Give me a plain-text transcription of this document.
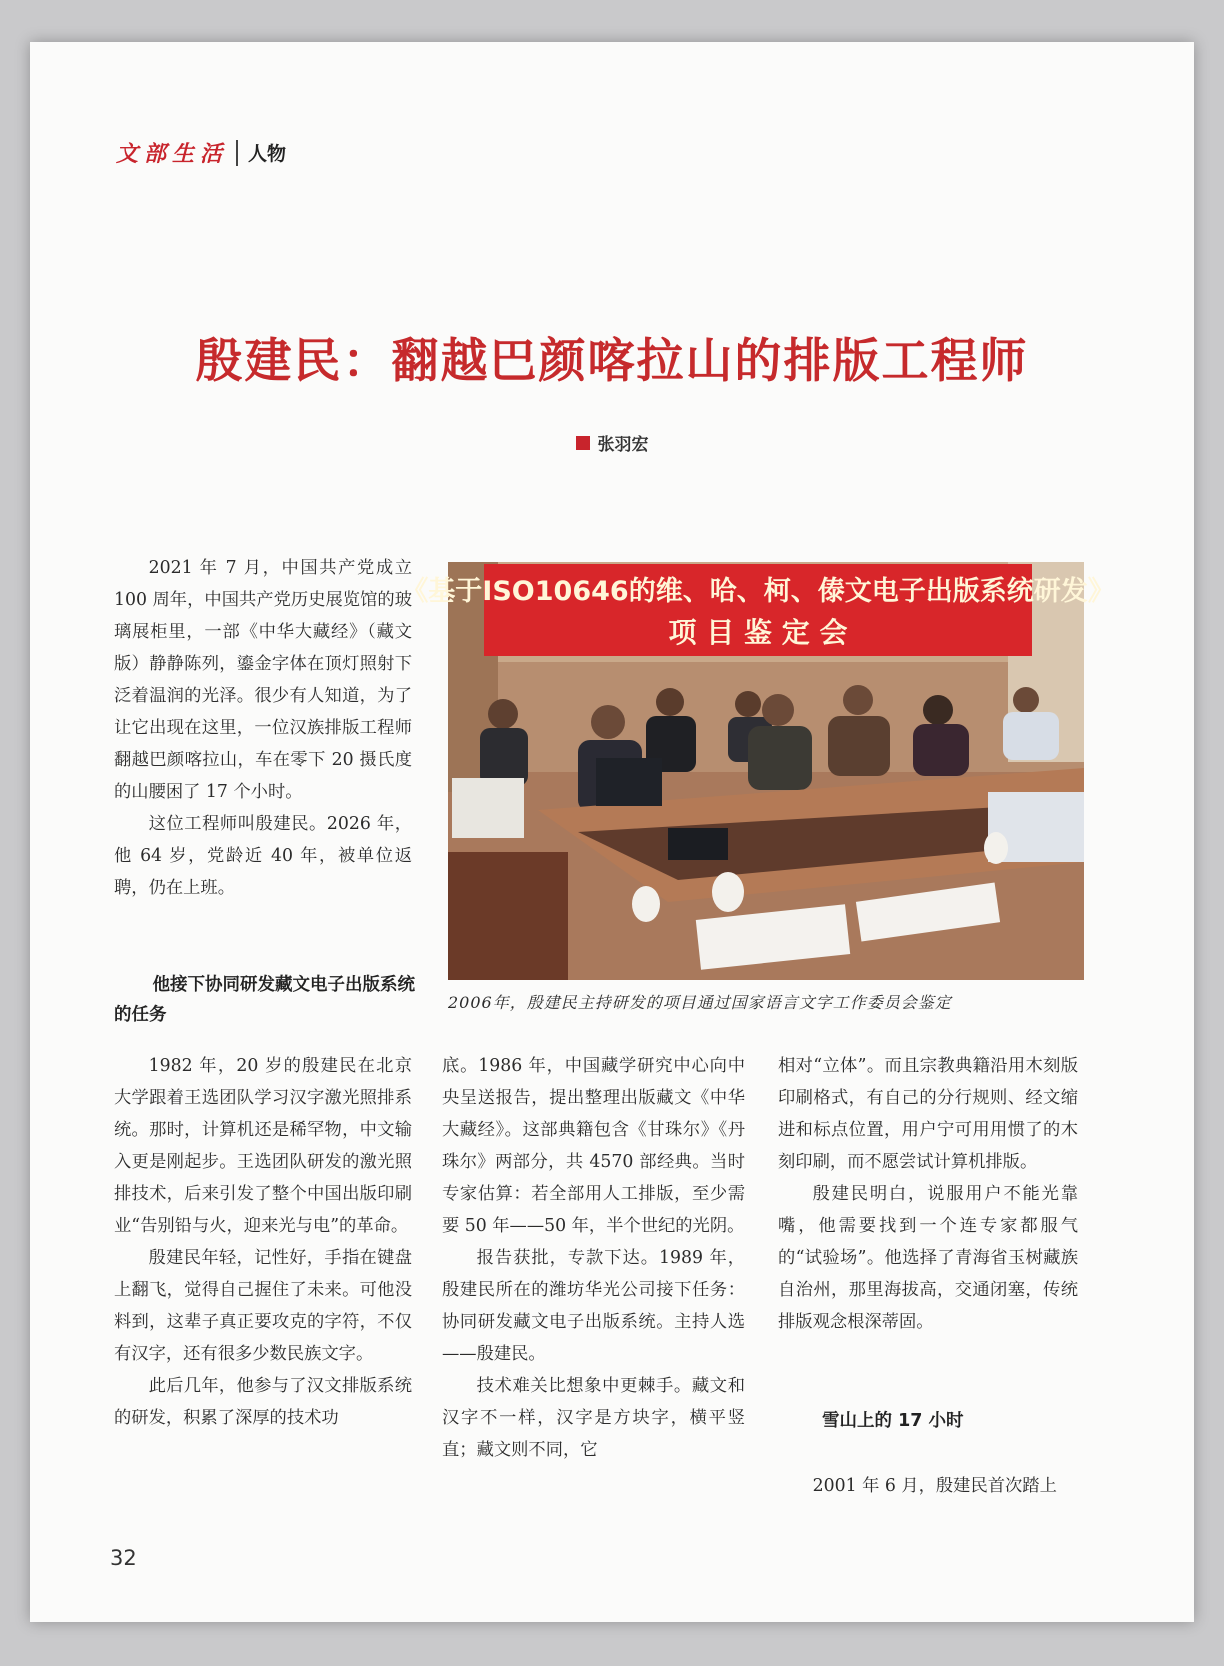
文部生活 人物
殷建民：翻越巴颜喀拉山的排版工程师
张羽宏

2021 年 7 月，中国共产党成立 100 周年，中国共产党历史展览馆的玻璃展柜里，一部《中华大藏经》（藏文版）静静陈列，鎏金字体在顶灯照射下泛着温润的光泽。很少有人知道，为了让它出现在这里，一位汉族排版工程师翻越巴颜喀拉山，车在零下 20 摄氏度的山腰困了 17 个小时。

这位工程师叫殷建民。2026 年，他 64 岁，党龄近 40 年，被单位返聘，仍在上班。

他接下协同研发藏文电子出版系统的任务
《基于ISO10646的维、哈、柯、傣文电子出版系统研发》
项 目 鉴 定 会
2006年，殷建民主持研发的项目通过国家语言文字工作委员会鉴定

1982 年，20 岁的殷建民在北京大学跟着王选团队学习汉字激光照排系统。那时，计算机还是稀罕物，中文输入更是刚起步。王选团队研发的激光照排技术，后来引发了整个中国出版印刷业“告别铅与火，迎来光与电”的革命。

殷建民年轻，记性好，手指在键盘上翻飞，觉得自己握住了未来。可他没料到，这辈子真正要攻克的字符，不仅有汉字，还有很多少数民族文字。

此后几年，他参与了汉文排版系统的研发，积累了深厚的技术功

底。1986 年，中国藏学研究中心向中央呈送报告，提出整理出版藏文《中华大藏经》。这部典籍包含《甘珠尔》《丹珠尔》两部分，共 4570 部经典。当时专家估算：若全部用人工排版，至少需要 50 年——50 年，半个世纪的光阴。

报告获批，专款下达。1989 年，殷建民所在的潍坊华光公司接下任务：协同研发藏文电子出版系统。主持人选——殷建民。

技术难关比想象中更棘手。藏文和汉字不一样，汉字是方块字，横平竖直；藏文则不同，它

相对“立体”。而且宗教典籍沿用木刻版印刷格式，有自己的分行规则、经文缩进和标点位置，用户宁可用用惯了的木刻印刷，而不愿尝试计算机排版。

殷建民明白，说服用户不能光靠嘴，他需要找到一个连专家都服气的“试验场”。他选择了青海省玉树藏族自治州，那里海拔高，交通闭塞，传统排版观念根深蒂固。

雪山上的 17 小时

2001 年 6 月，殷建民首次踏上

32
